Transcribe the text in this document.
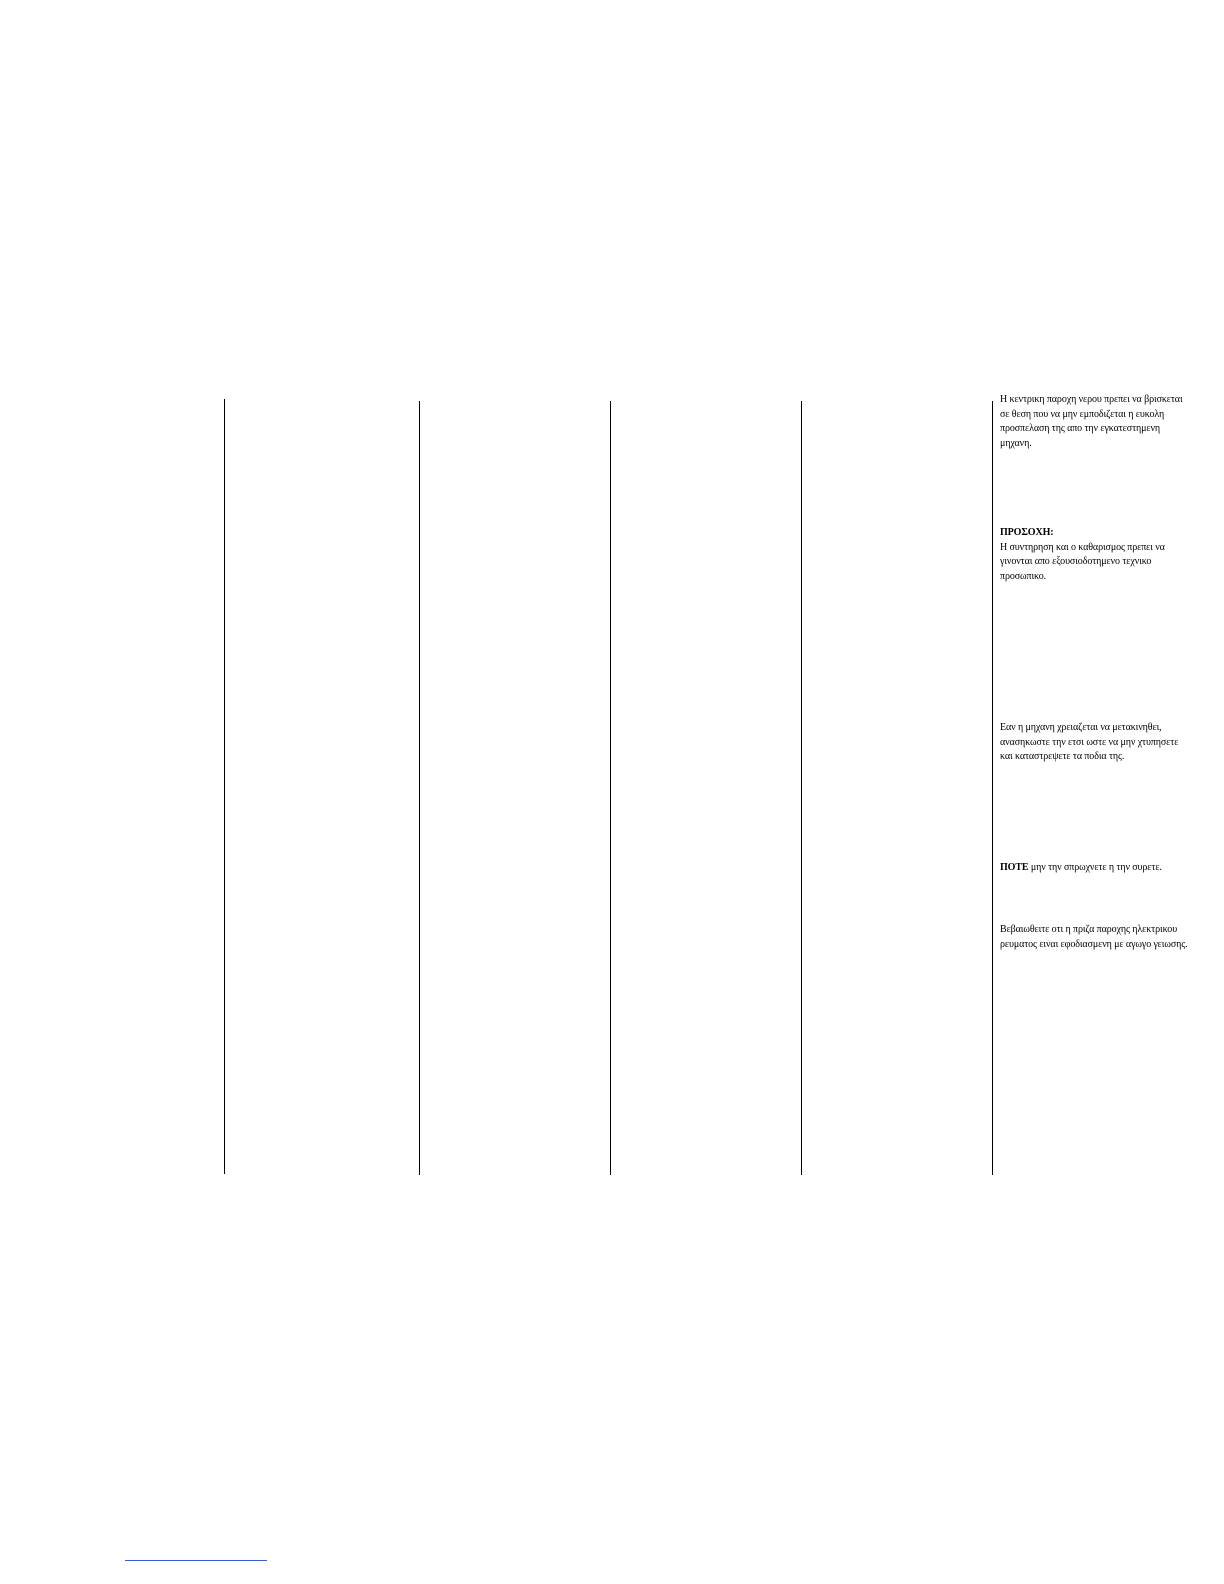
Η κεντρικη παροχη νερου πρεπει να βρισκεται σε θεση που να μην εμποδιζεται η ευκολη προσπελαση της απο την εγκατεστημενη μηχανη.

ΠΡΟΣΟΧΗ:
Η συντηρηση και ο καθαρισμος πρεπει να γινονται απο εξουσιοδοτημενο τεχνικο προσωπικο.

Εαν η μηχανη χρειαζεται να μετακινηθει, ανασηκωστε την ετσι ωστε να μην χτυπησετε και καταστρεψετε τα ποδια της.

ΠΟΤΕ μην την σπρωχνετε η την συρετε.

Βεβαιωθειτε οτι η πριζα παροχης ηλεκτρικου ρευματος ειναι εφοδιασμενη με αγωγο γειωσης.
